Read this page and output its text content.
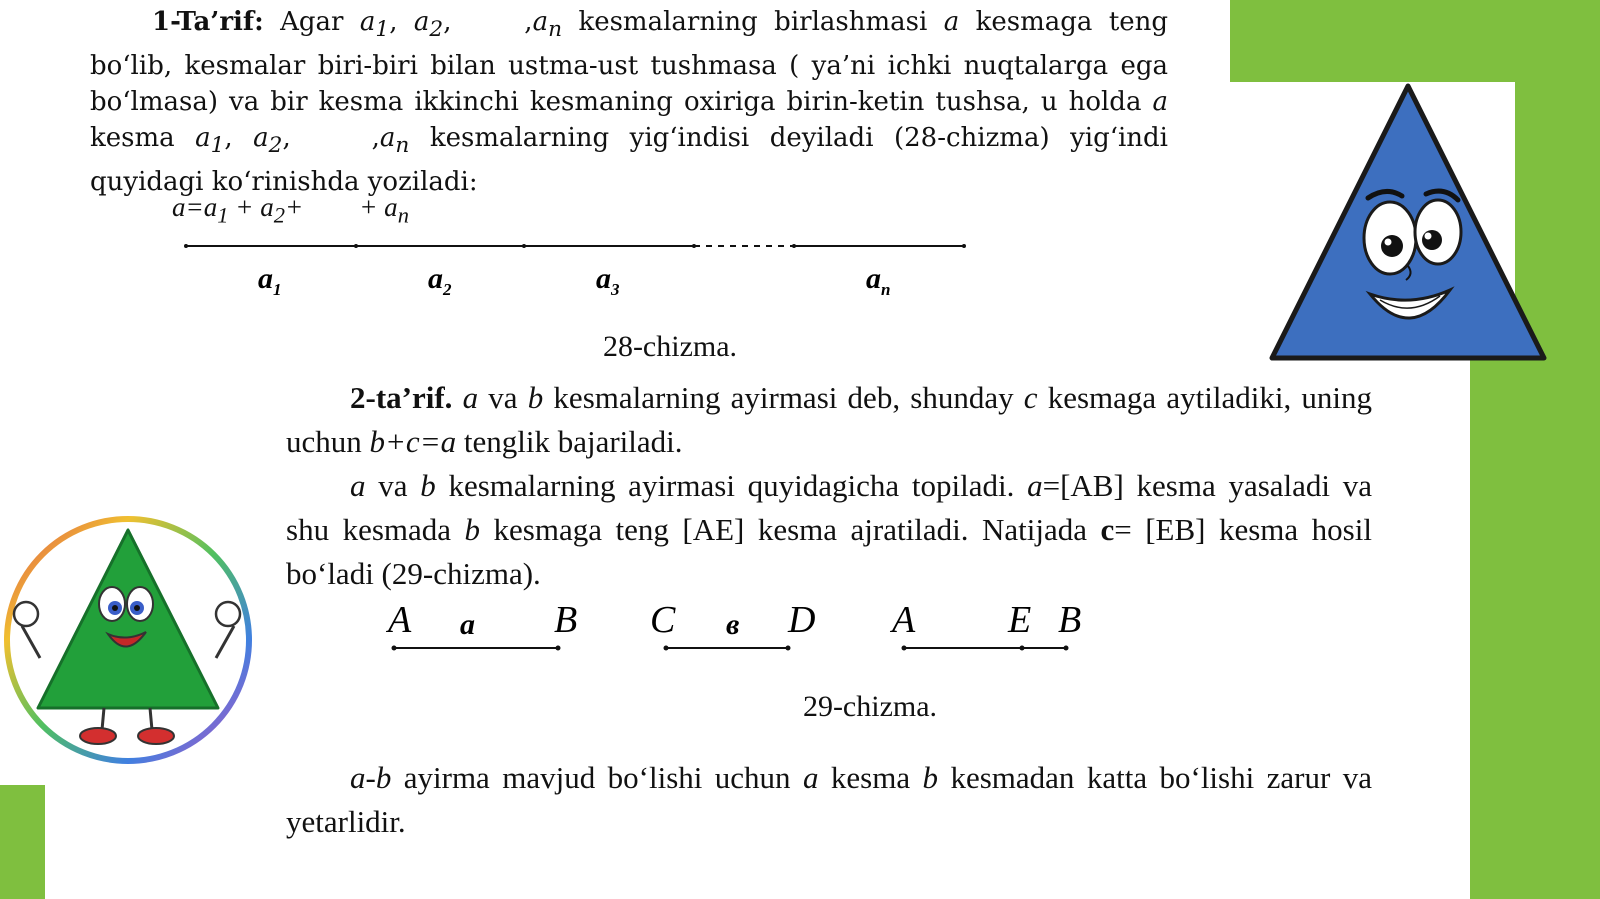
1-Ta’rif: Agar $a_1$, $a_2$,  $,a_n$ kesmalarning birlashmasi a kesmaga teng bo‘lib, kesmalar biri-biri bilan ustma-ust tushmasa ( ya’ni ichki nuqtalarga ega bo‘lmasa) va bir kesma ikkinchi kesmaning oxiriga birin-ketin tushsa, u holda a kesma $a_1$, $a_2$,  $,a_n$ kesmalarning yig‘indisi deyiladi (28-chizma) yig‘indi quyidagi ko‘rinishda yoziladi:
$a=a_1 + a_2+ + a_n$
$a_1$	$a_2$	$a_3$	$a_n$
28-chizma.
2-ta’rif. a va b kesmalarning ayirmasi deb, shunday c kesmaga aytiladiki, uning uchun b+c=a tenglik bajariladi.
a va b kesmalarning ayirmasi quyidagicha topiladi. a=[AB] kesma yasaladi va shu kesmada b kesmaga teng [AE] kesma ajratiladi. Natijada c= [EB] kesma hosil bo‘ladi (29-chizma).
A a B C в D A E B
29-chizma.
a-b ayirma mavjud bo‘lishi uchun a kesma b kesmadan katta bo‘lishi zarur va yetarlidir.
